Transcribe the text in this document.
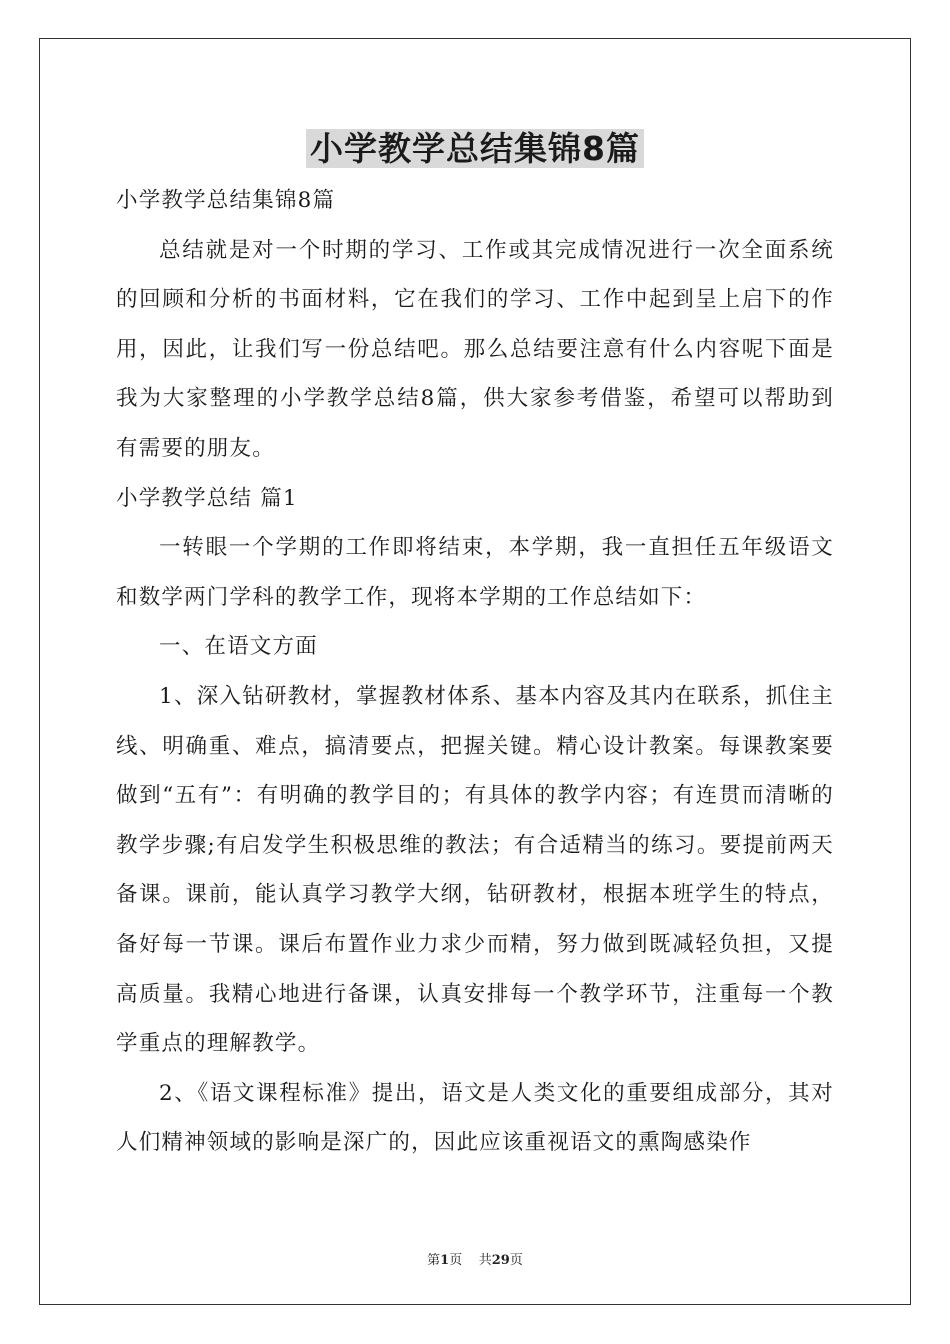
小学教学总结集锦8篇

小学教学总结集锦8篇

总结就是对一个时期的学习、工作或其完成情况进行一次全面系统的回顾和分析的书面材料，它在我们的学习、工作中起到呈上启下的作用，因此，让我们写一份总结吧。那么总结要注意有什么内容呢下面是我为大家整理的小学教学总结8篇，供大家参考借鉴，希望可以帮助到有需要的朋友。

小学教学总结 篇1

一转眼一个学期的工作即将结束，本学期，我一直担任五年级语文和数学两门学科的教学工作，现将本学期的工作总结如下：

一、在语文方面

1、深入钻研教材，掌握教材体系、基本内容及其内在联系，抓住主线、明确重、难点，搞清要点，把握关键。精心设计教案。每课教案要做到“五有”：有明确的教学目的；有具体的教学内容；有连贯而清晰的教学步骤;有启发学生积极思维的教法；有合适精当的练习。要提前两天备课。课前，能认真学习教学大纲，钻研教材，根据本班学生的特点，备好每一节课。课后布置作业力求少而精，努力做到既减轻负担，又提高质量。我精心地进行备课，认真安排每一个教学环节，注重每一个教学重点的理解教学。

2、《语文课程标准》提出，语文是人类文化的重要组成部分，其对人们精神领域的影响是深广的，因此应该重视语文的熏陶感染作

第1页    共29页
